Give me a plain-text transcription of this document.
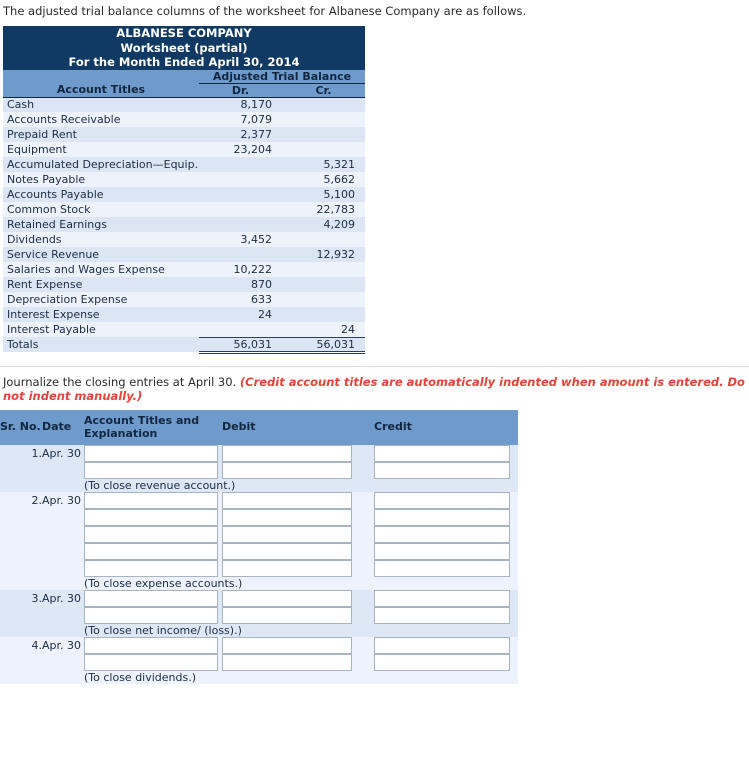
The adjusted trial balance columns of the worksheet for Albanese Company are as follows.
ALBANESE COMPANY
Worksheet (partial)
For the Month Ended April 30, 2014		

	Adjusted Trial Balance	
Account Titles	Dr.	Cr.
Cash	8,170	
Accounts Receivable	7,079	
Prepaid Rent	2,377	
Equipment	23,204	
Accumulated Depreciation—Equip.		5,321
Notes Payable		5,662
Accounts Payable		5,100
Common Stock		22,783
Retained Earnings		4,209
Dividends	3,452	
Service Revenue		12,932
Salaries and Wages Expense	10,222	
Rent Expense	870	
Depreciation Expense	633	
Interest Expense	24	
Interest Payable		24
Totals	56,031	56,031
Journalize the closing entries at April 30. (Credit account titles are automatically indented when amount is entered. Do not indent manually.)
Sr. No.	Date	Account Titles and Explanation	Debit	Credit
1.	Apr. 30	

		(To close revenue account.)		
2.	Apr. 30	

		(To close expense accounts.)		
3.	Apr. 30	

		(To close net income/ (loss).)		
4.	Apr. 30	

		(To close dividends.)		
